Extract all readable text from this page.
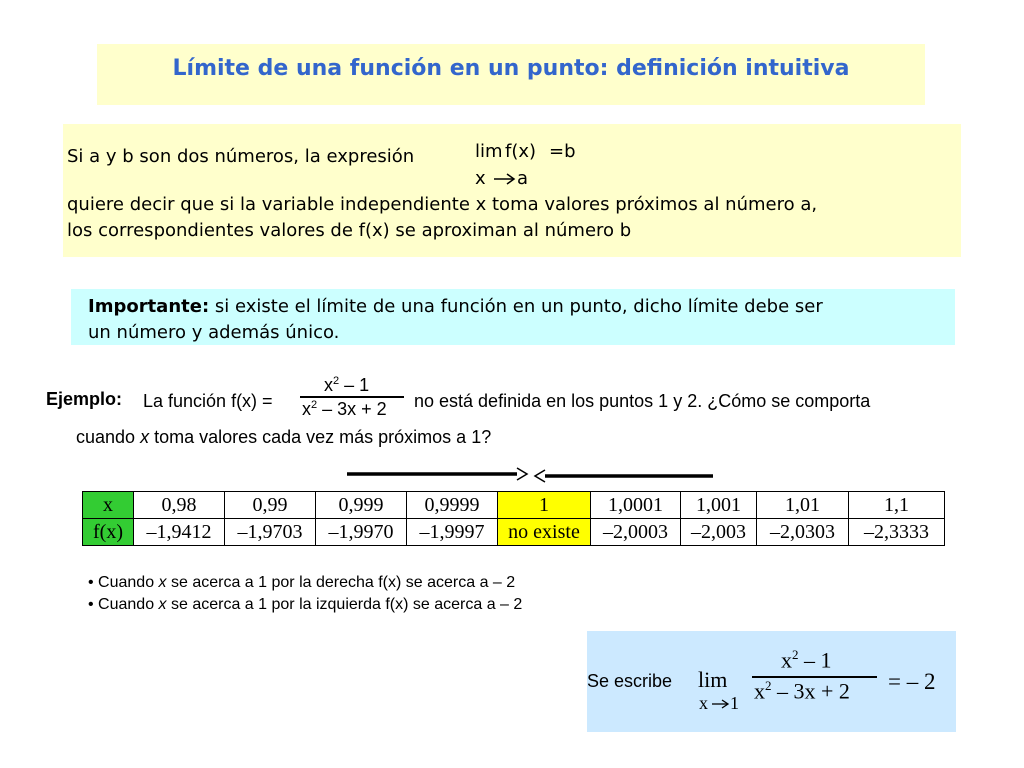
Límite de una función en un punto: definición intuitiva
Si a y b son dos números, la expresión	lim f(x) =b
x a
quiere decir que si la variable independiente x toma valores próximos al número a,
los correspondientes valores de f(x) se aproximan al número b
Importante: si existe el límite de una función en un punto, dicho límite debe ser
un número y además único.
Ejemplo: La función f(x) =
$x^2 - 1$
$x^2 - 3x + 2$ no está definida en los puntos 1 y 2. ¿Cómo se comporta
cuando x toma valores cada vez más próximos a 1?
x	0,98	0,99	0,999	0,9999	1	1,0001	1,001	1,01	1,1
f(x)	–1,9412	–1,9703	–1,9970	–1,9997	no existe	–2,0003	–2,003	–2,0303	–2,3333
• Cuando x se acerca a 1 por la derecha f(x) se acerca a – 2
• Cuando x se acerca a 1 por la izquierda f(x) se acerca a – 2
Se escribe lim
x 1
$x^2 - 1$
$x^2 - 3x + 2$ = – 2
